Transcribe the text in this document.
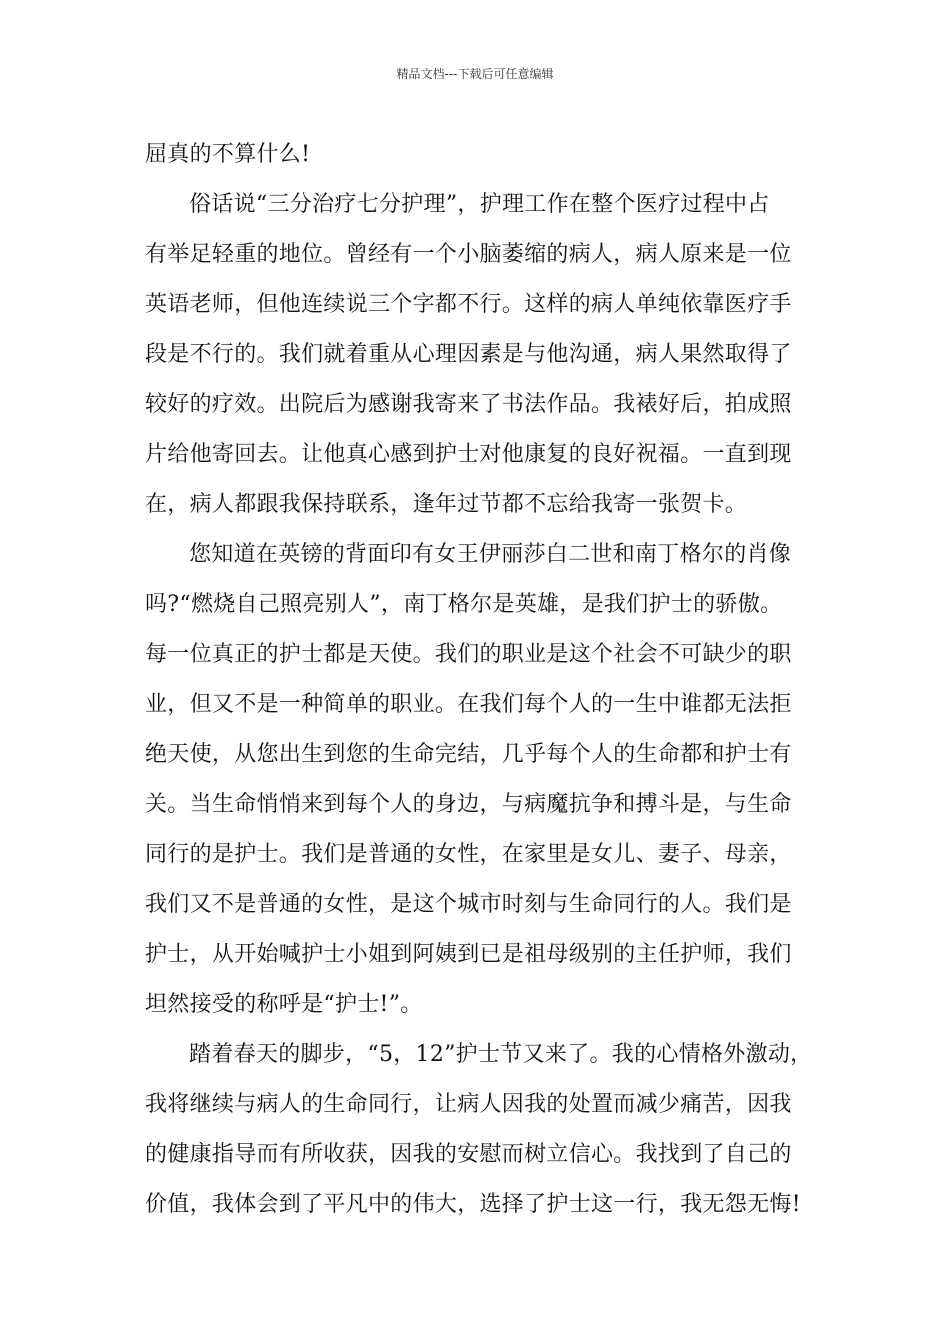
精品文档---下载后可任意编辑
屈真的不算什么!
俗话说“三分治疗七分护理”，护理工作在整个医疗过程中占
有举足轻重的地位。曾经有一个小脑萎缩的病人，病人原来是一位
英语老师，但他连续说三个字都不行。这样的病人单纯依靠医疗手
段是不行的。我们就着重从心理因素是与他沟通，病人果然取得了
较好的疗效。出院后为感谢我寄来了书法作品。我裱好后，拍成照
片给他寄回去。让他真心感到护士对他康复的良好祝福。一直到现
在，病人都跟我保持联系，逢年过节都不忘给我寄一张贺卡。
您知道在英镑的背面印有女王伊丽莎白二世和南丁格尔的肖像
吗?“燃烧自己照亮别人”，南丁格尔是英雄，是我们护士的骄傲。
每一位真正的护士都是天使。我们的职业是这个社会不可缺少的职
业，但又不是一种简单的职业。在我们每个人的一生中谁都无法拒
绝天使，从您出生到您的生命完结，几乎每个人的生命都和护士有
关。当生命悄悄来到每个人的身边，与病魔抗争和搏斗是，与生命
同行的是护士。我们是普通的女性，在家里是女儿、妻子、母亲，
我们又不是普通的女性，是这个城市时刻与生命同行的人。我们是
护士，从开始喊护士小姐到阿姨到已是祖母级别的主任护师，我们
坦然接受的称呼是“护士!”。
踏着春天的脚步，“5，12”护士节又来了。我的心情格外激动，
我将继续与病人的生命同行，让病人因我的处置而减少痛苦，因我
的健康指导而有所收获，因我的安慰而树立信心。我找到了自己的
价值，我体会到了平凡中的伟大，选择了护士这一行，我无怨无悔!
